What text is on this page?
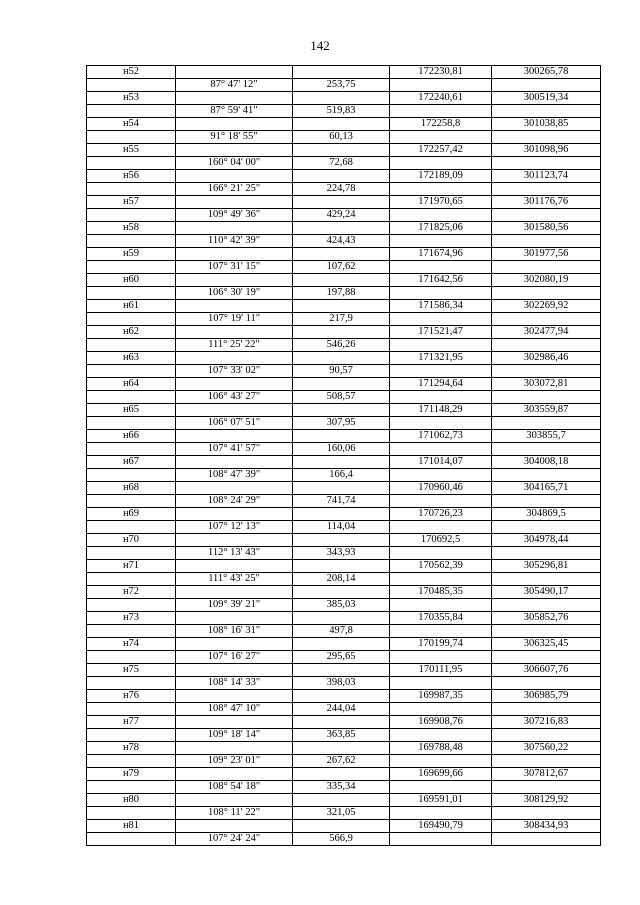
142
н52			172230,81	300265,78
	87° 47' 12"	253,75		
н53			172240,61	300519,34
	87° 59' 41"	519,83		
н54			172258,8	301038,85
	91° 18' 55"	60,13		
н55			172257,42	301098,96
	160° 04' 00"	72,68		
н56			172189,09	301123,74
	166° 21' 25"	224,78		
н57			171970,65	301176,76
	109° 49' 36"	429,24		
н58			171825,06	301580,56
	110° 42' 39"	424,43		
н59			171674,96	301977,56
	107° 31' 15"	107,62		
н60			171642,56	302080,19
	106° 30' 19"	197,88		
н61			171586,34	302269,92
	107° 19' 11"	217,9		
н62			171521,47	302477,94
	111° 25' 22"	546,26		
н63			171321,95	302986,46
	107° 33' 02"	90,57		
н64			171294,64	303072,81
	106° 43' 27"	508,57		
н65			171148,29	303559,87
	106° 07' 51"	307,95		
н66			171062,73	303855,7
	107° 41' 57"	160,06		
н67			171014,07	304008,18
	108° 47' 39"	166,4		
н68			170960,46	304165,71
	108° 24' 29"	741,74		
н69			170726,23	304869,5
	107° 12' 13"	114,04		
н70			170692,5	304978,44
	112° 13' 43"	343,93		
н71			170562,39	305296,81
	111° 43' 25"	208,14		
н72			170485,35	305490,17
	109° 39' 21"	385,03		
н73			170355,84	305852,76
	108° 16' 31"	497,8		
н74			170199,74	306325,45
	107° 16' 27"	295,65		
н75			170111,95	306607,76
	108° 14' 33"	398,03		
н76			169987,35	306985,79
	108° 47' 10"	244,04		
н77			169908,76	307216,83
	109° 18' 14"	363,85		
н78			169788,48	307560,22
	109° 23' 01"	267,62		
н79			169699,66	307812,67
	108° 54' 18"	335,34		
н80			169591,01	308129,92
	108° 11' 22"	321,05		
н81			169490,79	308434,93
	107° 24' 24"	566,9		
